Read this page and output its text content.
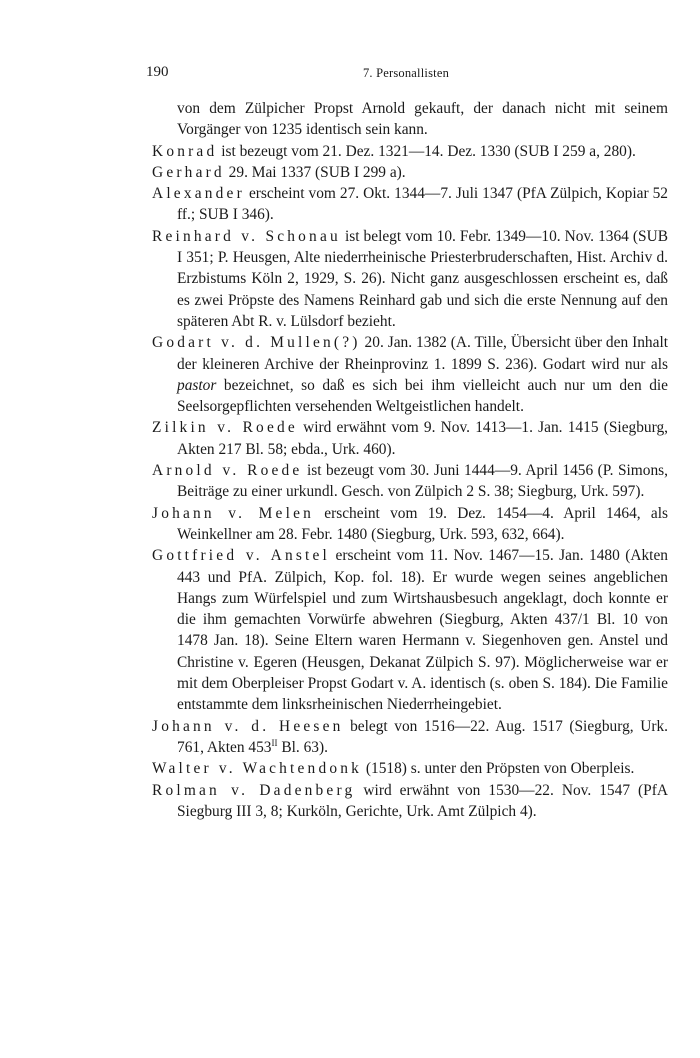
190	7. Personallisten

von dem Zülpicher Propst Arnold gekauft, der danach nicht mit seinem Vorgänger von 1235 identisch sein kann.

Konrad ist bezeugt vom 21. Dez. 1321—14. Dez. 1330 (SUB I 259 a, 280).

Gerhard 29. Mai 1337 (SUB I 299 a).

Alexander erscheint vom 27. Okt. 1344—7. Juli 1347 (PfA Zülpich, Kopiar 52 ff.; SUB I 346).

Reinhard v. Schonau ist belegt vom 10. Febr. 1349—10. Nov. 1364 (SUB I 351; P. Heusgen, Alte niederrheinische Priesterbruderschaften, Hist. Archiv d. Erzbistums Köln 2, 1929, S. 26). Nicht ganz ausgeschlossen erscheint es, daß es zwei Pröpste des Namens Reinhard gab und sich die erste Nennung auf den späteren Abt R. v. Lülsdorf bezieht.

Godart v. d. Mullen(?) 20. Jan. 1382 (A. Tille, Übersicht über den Inhalt der kleineren Archive der Rheinprovinz 1. 1899 S. 236). Godart wird nur als pastor bezeichnet, so daß es sich bei ihm vielleicht auch nur um den die Seelsorgepflichten versehenden Weltgeistlichen handelt.

Zilkin v. Roede wird erwähnt vom 9. Nov. 1413—1. Jan. 1415 (Siegburg, Akten 217 Bl. 58; ebda., Urk. 460).

Arnold v. Roede ist bezeugt vom 30. Juni 1444—9. April 1456 (P. Simons, Beiträge zu einer urkundl. Gesch. von Zülpich 2 S. 38; Siegburg, Urk. 597).

Johann v. Melen erscheint vom 19. Dez. 1454—4. April 1464, als Weinkellner am 28. Febr. 1480 (Siegburg, Urk. 593, 632, 664).

Gottfried v. Anstel erscheint vom 11. Nov. 1467—15. Jan. 1480 (Akten 443 und PfA. Zülpich, Kop. fol. 18). Er wurde wegen seines angeblichen Hangs zum Würfelspiel und zum Wirtshausbesuch angeklagt, doch konnte er die ihm gemachten Vorwürfe abwehren (Siegburg, Akten 437/1 Bl. 10 von 1478 Jan. 18). Seine Eltern waren Hermann v. Siegenhoven gen. Anstel und Christine v. Egeren (Heusgen, Dekanat Zülpich S. 97). Möglicherweise war er mit dem Oberpleiser Propst Godart v. A. identisch (s. oben S. 184). Die Familie entstammte dem linksrheinischen Niederrheingebiet.

Johann v. d. Heesen belegt von 1516—22. Aug. 1517 (Siegburg, Urk. 761, Akten $453^{II}$ Bl. 63).

Walter v. Wachtendonk (1518) s. unter den Pröpsten von Oberpleis.

Rolman v. Dadenberg wird erwähnt von 1530—22. Nov. 1547 (PfA Siegburg III 3, 8; Kurköln, Gerichte, Urk. Amt Zülpich 4).
